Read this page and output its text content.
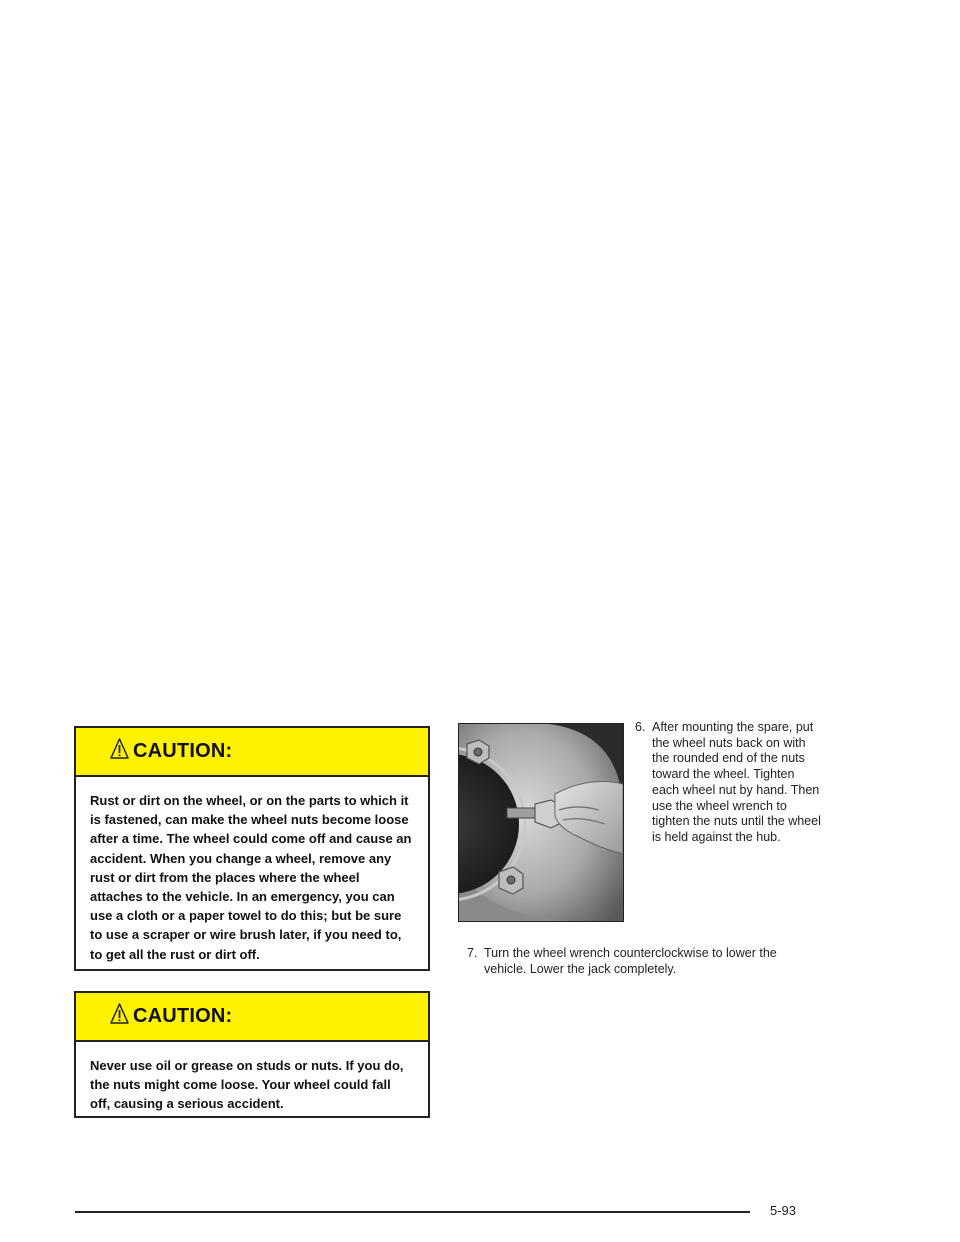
CAUTION:
Rust or dirt on the wheel, or on the parts to which it is fastened, can make the wheel nuts become loose after a time. The wheel could come off and cause an accident. When you change a wheel, remove any rust or dirt from the places where the wheel attaches to the vehicle. In an emergency, you can use a cloth or a paper towel to do this; but be sure to use a scraper or wire brush later, if you need to, to get all the rust or dirt off.
CAUTION:
Never use oil or grease on studs or nuts. If you do, the nuts might come loose. Your wheel could fall off, causing a serious accident.
6. After mounting the spare, put the wheel nuts back on with the rounded end of the nuts toward the wheel. Tighten each wheel nut by hand. Then use the wheel wrench to tighten the nuts until the wheel is held against the hub.
7. Turn the wheel wrench counterclockwise to lower the vehicle. Lower the jack completely.
5-93
